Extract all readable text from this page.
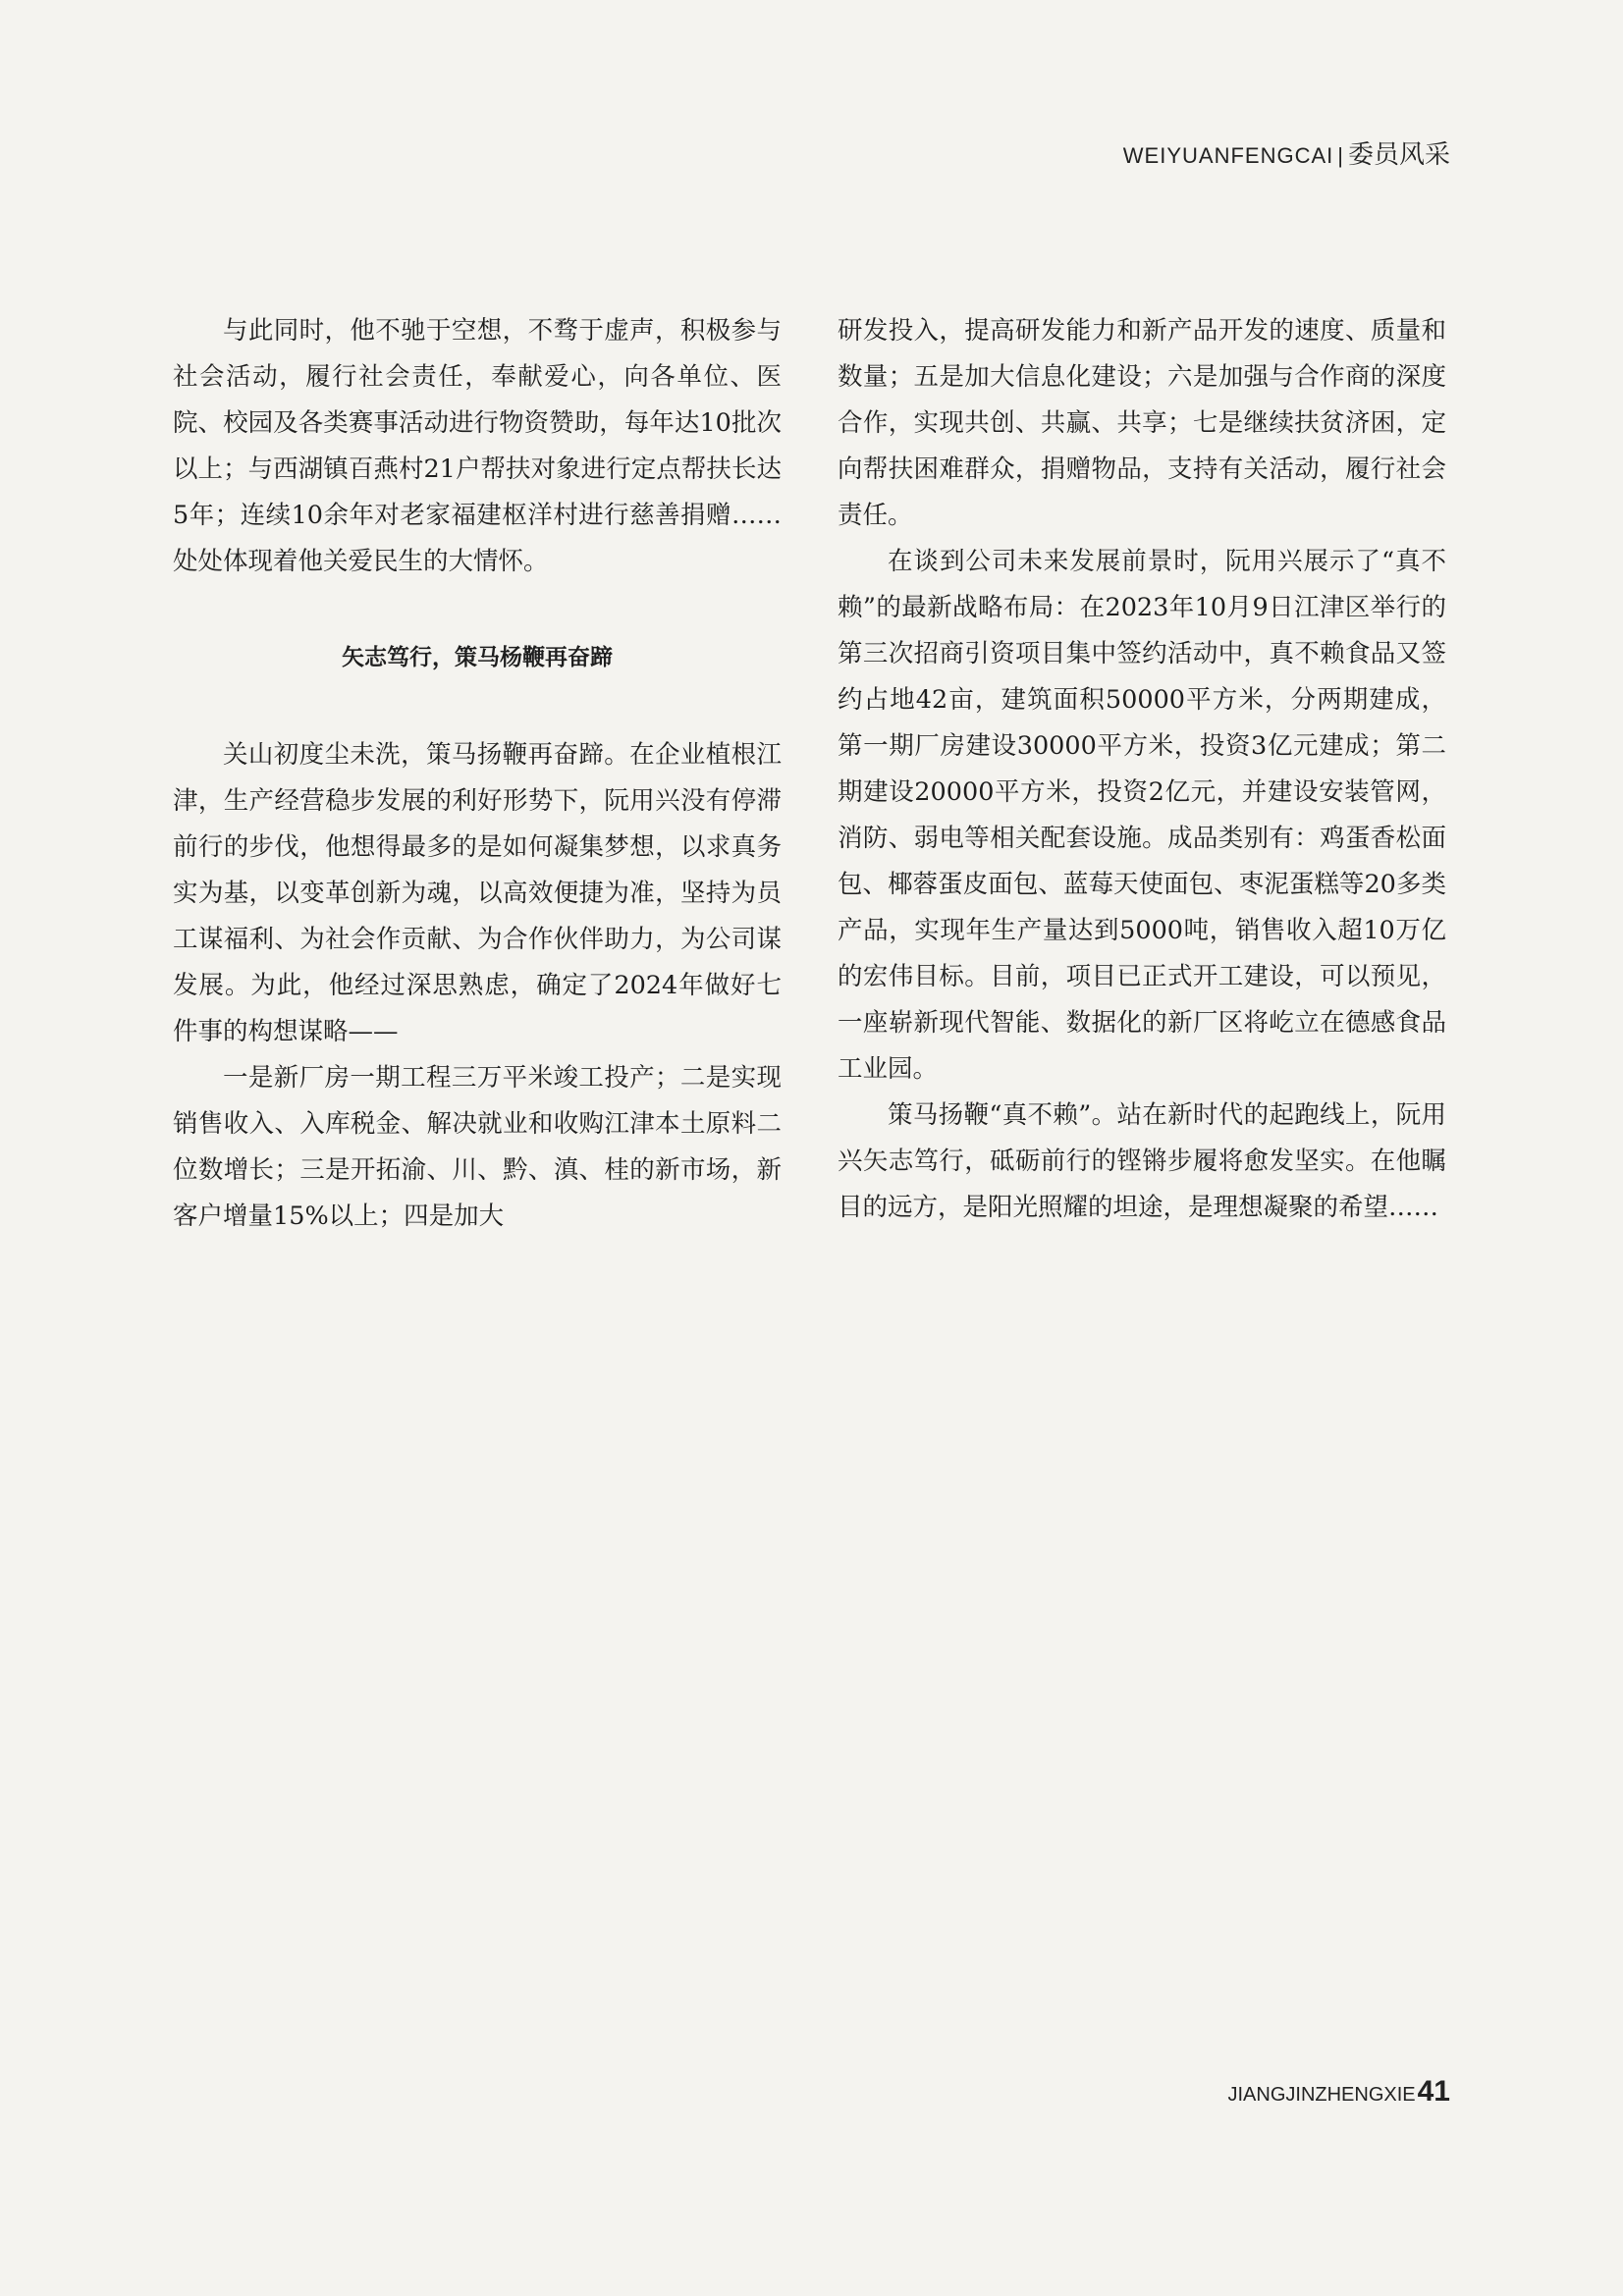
WEIYUANFENGCAI | 委员风采

与此同时，他不驰于空想，不骛于虚声，积极参与社会活动，履行社会责任，奉献爱心，向各单位、医院、校园及各类赛事活动进行物资赞助，每年达10批次以上；与西湖镇百燕村21户帮扶对象进行定点帮扶长达5年；连续10余年对老家福建枢洋村进行慈善捐赠……处处体现着他关爱民生的大情怀。

矢志笃行，策马杨鞭再奋蹄

关山初度尘未洗，策马扬鞭再奋蹄。在企业植根江津，生产经营稳步发展的利好形势下，阮用兴没有停滞前行的步伐，他想得最多的是如何凝集梦想，以求真务实为基，以变革创新为魂，以高效便捷为准，坚持为员工谋福利、为社会作贡献、为合作伙伴助力，为公司谋发展。为此，他经过深思熟虑，确定了2024年做好七件事的构想谋略——

一是新厂房一期工程三万平米竣工投产；二是实现销售收入、入库税金、解决就业和收购江津本土原料二位数增长；三是开拓渝、川、黔、滇、桂的新市场，新客户增量15%以上；四是加大

研发投入，提高研发能力和新产品开发的速度、质量和数量；五是加大信息化建设；六是加强与合作商的深度合作，实现共创、共赢、共享；七是继续扶贫济困，定向帮扶困难群众，捐赠物品，支持有关活动，履行社会责任。

在谈到公司未来发展前景时，阮用兴展示了“真不赖”的最新战略布局：在2023年10月9日江津区举行的第三次招商引资项目集中签约活动中，真不赖食品又签约占地42亩，建筑面积50000平方米，分两期建成，第一期厂房建设30000平方米，投资3亿元建成；第二期建设20000平方米，投资2亿元，并建设安装管网，消防、弱电等相关配套设施。成品类别有：鸡蛋香松面包、椰蓉蛋皮面包、蓝莓天使面包、枣泥蛋糕等20多类产品，实现年生产量达到5000吨，销售收入超10万亿的宏伟目标。目前，项目已正式开工建设，可以预见，一座崭新现代智能、数据化的新厂区将屹立在德感食品工业园。

策马扬鞭“真不赖”。站在新时代的起跑线上，阮用兴矢志笃行，砥砺前行的铿锵步履将愈发坚实。在他瞩目的远方，是阳光照耀的坦途，是理想凝聚的希望……

JIANGJINZHENGXIE41
